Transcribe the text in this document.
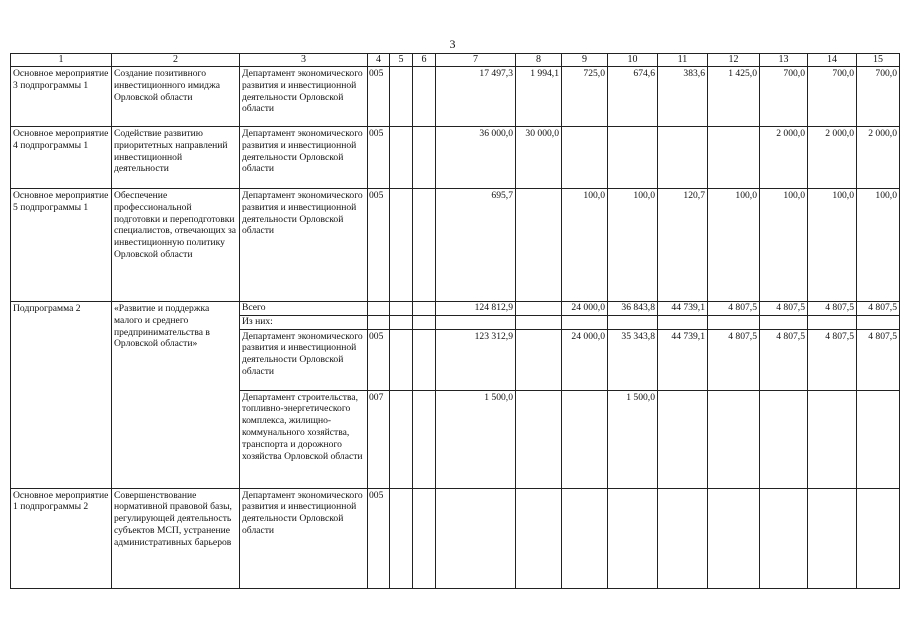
3
1	2	3	4	5	6	7	8	9	10	11	12	13	14	15
Основное мероприятие 3 подпрограммы 1	Создание позитивного инвестиционного имиджа Орловской области	Департамент экономического развития и инвестиционной деятельности Орловской области	005			17 497,3	1 994,1	725,0	674,6	383,6	1 425,0	700,0	700,0	700,0
Основное мероприятие 4 подпрограммы 1	Содействие развитию приоритетных направлений инвестиционной деятельности	Департамент экономического развития и инвестиционной деятельности Орловской области	005			36 000,0	30 000,0					2 000,0	2 000,0	2 000,0
Основное мероприятие 5 подпрограммы 1	Обеспечение профессиональной подготовки и переподготовки специалистов, отвечающих за инвестиционную политику Орловской области	Департамент экономического развития и инвестиционной деятельности Орловской области	005			695,7		100,0	100,0	120,7	100,0	100,0	100,0	100,0
Подпрограмма 2	«Развитие и поддержка малого и среднего предпринимательства в Орловской области»	Всего				124 812,9		24 000,0	36 843,8	44 739,1	4 807,5	4 807,5	4 807,5	4 807,5
		Из них:												
		Департамент экономического развития и инвестиционной деятельности Орловской области	005			123 312,9		24 000,0	35 343,8	44 739,1	4 807,5	4 807,5	4 807,5	4 807,5
		Департамент строительства, топливно-энергетического комплекса, жилищно-коммунального хозяйства, транспорта и дорожного хозяйства Орловской области	007			1 500,0			1 500,0					
Основное мероприятие 1 подпрограммы 2	Совершенствование нормативной правовой базы, регулирующей деятельность субъектов МСП, устранение административных барьеров	Департамент экономического развития и инвестиционной деятельности Орловской области	005											
